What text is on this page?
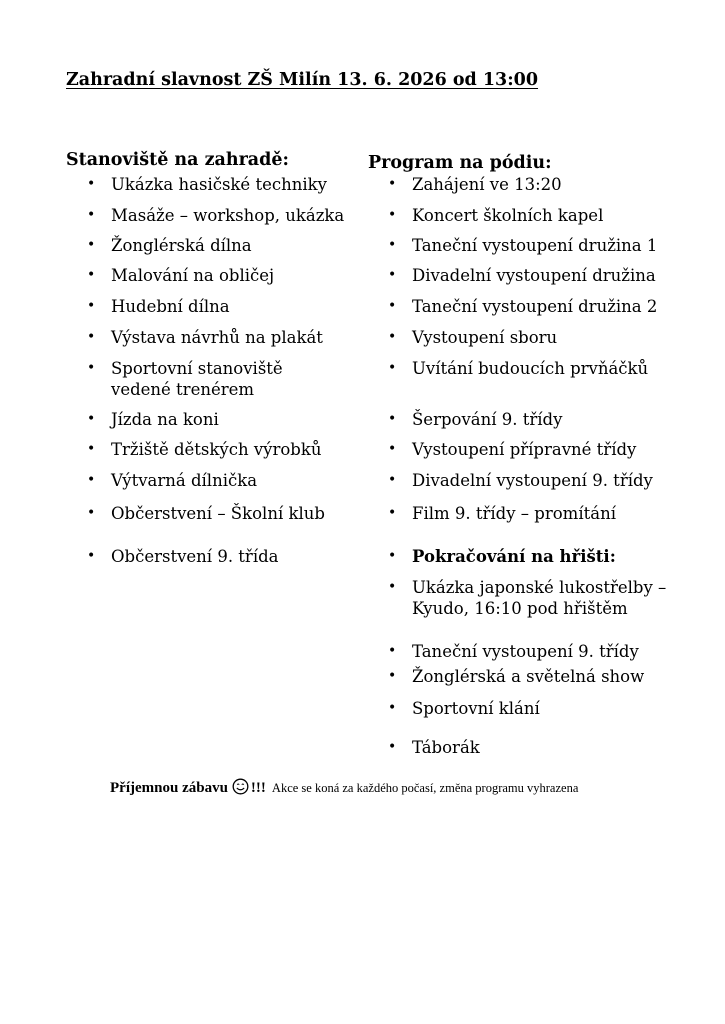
Zahradní slavnost ZŠ Milín 13. 6. 2026 od 13:00
Stanoviště na zahradě:	Program na pódiu:
• Ukázka hasičské techniky
• Masáže – workshop, ukázka
• Žonglérská dílna
• Malování na obličej
• Hudební dílna
• Výstava návrhů na plakát
• Sportovní stanoviště
vedené trenérem
• Jízda na koni
• Tržiště dětských výrobků
• Výtvarná dílnička
• Občerstvení – Školní klub
• Občerstvení 9. třída
• Zahájení ve 13:20
• Koncert školních kapel
• Taneční vystoupení družina 1
• Divadelní vystoupení družina
• Taneční vystoupení družina 2
• Vystoupení sboru
• Uvítání budoucích prvňáčků
• Šerpování 9. třídy
• Vystoupení přípravné třídy
• Divadelní vystoupení 9. třídy
• Film 9. třídy – promítání
• Pokračování na hřišti:
• Ukázka japonské lukostřelby –
Kyudo, 16:10 pod hřištěm
• Taneční vystoupení 9. třídy
• Žonglérská a světelná show
• Sportovní klání
• Táborák
Příjemnou zábavu !!! Akce se koná za každého počasí, změna programu vyhrazena
